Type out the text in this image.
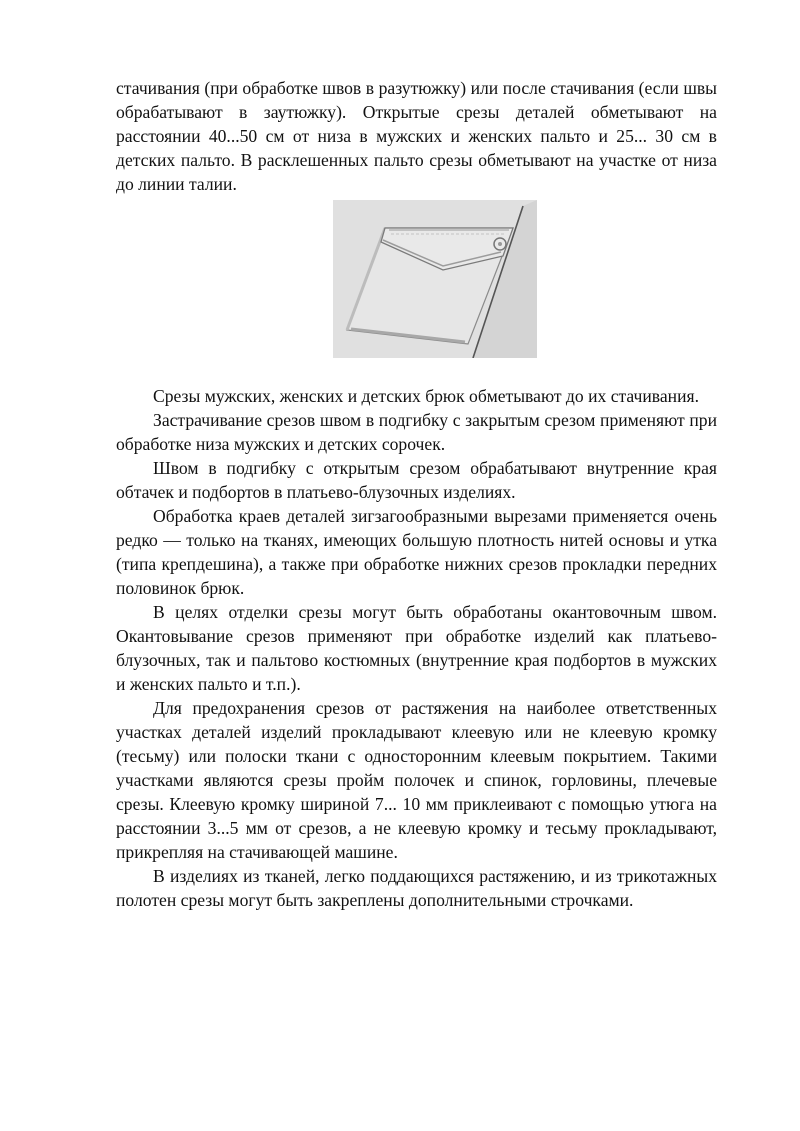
стачивания (при обработке швов в разутюжку) или после стачивания (если швы обрабатывают в заутюжку). Открытые срезы деталей обметывают на расстоянии 40...50 см от низа в мужских и женских пальто и 25... 30 см в детских пальто. В расклешенных пальто срезы обметывают на участке от низа до линии талии.

Срезы мужских, женских и детских брюк обметывают до их стачивания.

Застрачивание срезов швом в подгибку с закрытым срезом применяют при обработке низа мужских и детских сорочек.

Швом в подгибку с открытым срезом обрабатывают внутренние края обтачек и подбортов в платьево-блузочных изделиях.

Обработка краев деталей зигзагообразными вырезами применяется очень редко — только на тканях, имеющих большую плотность нитей основы и утка (типа крепдешина), а также при обработке нижних срезов прокладки передних половинок брюк.

В целях отделки срезы могут быть обработаны окантовочным швом. Окантовывание срезов применяют при обработке изделий как платьево-блузочных, так и пальтово костюмных (внутренние края подбортов в мужских и женских пальто и т.п.).

Для предохранения срезов от растяжения на наиболее ответственных участках деталей изделий прокладывают клеевую или не клеевую кромку (тесьму) или полоски ткани с односторонним клеевым покрытием. Такими участками являются срезы пройм полочек и спинок, горловины, плечевые срезы. Клеевую кромку шириной 7... 10 мм приклеивают с помощью утюга на расстоянии 3...5 мм от срезов, а не клеевую кромку и тесьму прокладывают, прикрепляя на стачивающей машине.

В изделиях из тканей, легко поддающихся растяжению, и из трикотажных полотен срезы могут быть закреплены дополнительными строчками.
